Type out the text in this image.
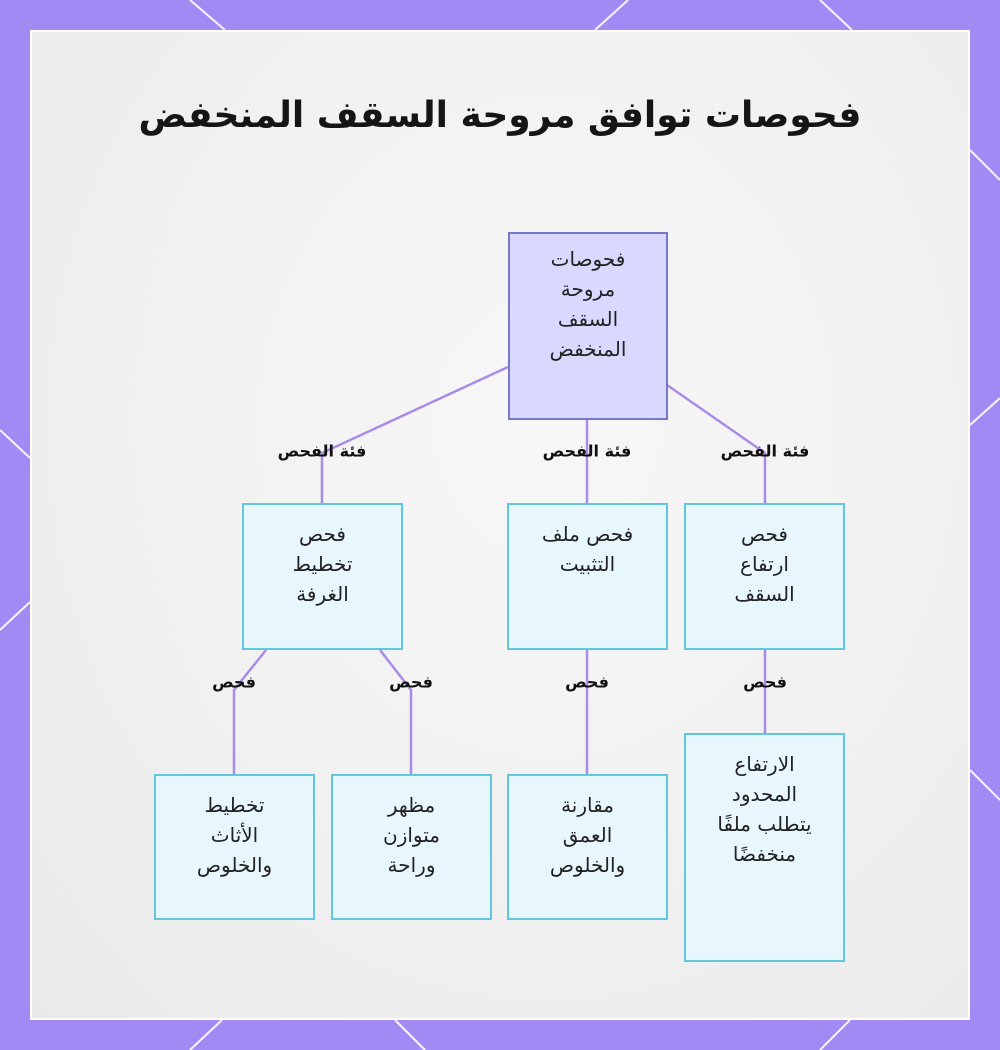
فحوصات توافق مروحة السقف المنخفض
فحوصات مروحة السقف المنخفض
فحص تخطيط الغرفة
فحص ملف التثبيت
فحص ارتفاع السقف
تخطيط الأثاث والخلوص
مظهر متوازن وراحة
مقارنة العمق والخلوص
الارتفاع المحدود يتطلب ملفًا منخفضًا
فئة الفحص	فئة الفحص	فئة الفحص
فحص	فحص	فحص	فحص
